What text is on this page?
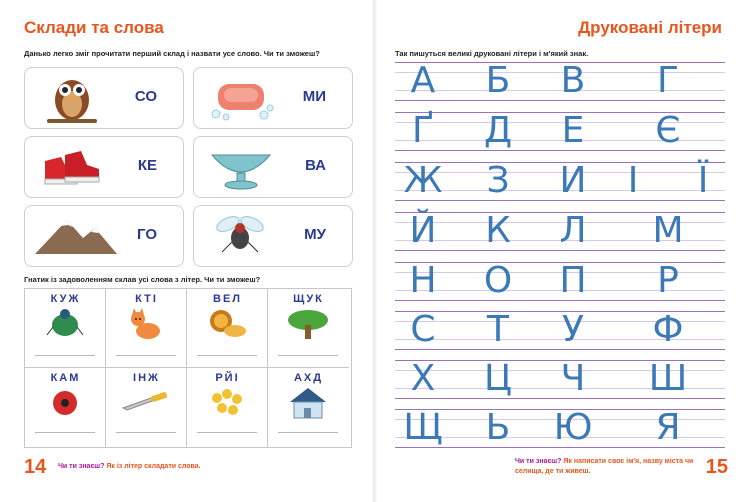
Склади та слова
Данько легко зміг прочитати перший склад і назвати усе слово. Чи ти зможеш?
СО	МИ
КЕ	ВА
ГО	МУ
Гнатик із задоволенням склав усі слова з літер. Чи ти зможеш?
КУЖ	КТІ	ВЕЛ	ЩУК
КАМ	ІНЖ	РЙІ	АХД
14 Чи ти знаєш? Як із літер складати слова.
Друковані літери
Так пишуться великі друковані літери і м'який знак.
15
Чи ти знаєш? Як написати своє ім'я, назву міста чи селища, де ти живеш.
А Б В Г
Ґ Д Е Є
Ж З И	І	Ї
Й К Л М
Н О П Р
С Т У Ф
Х Ц Ч Ш
Щ Ь Ю Я
